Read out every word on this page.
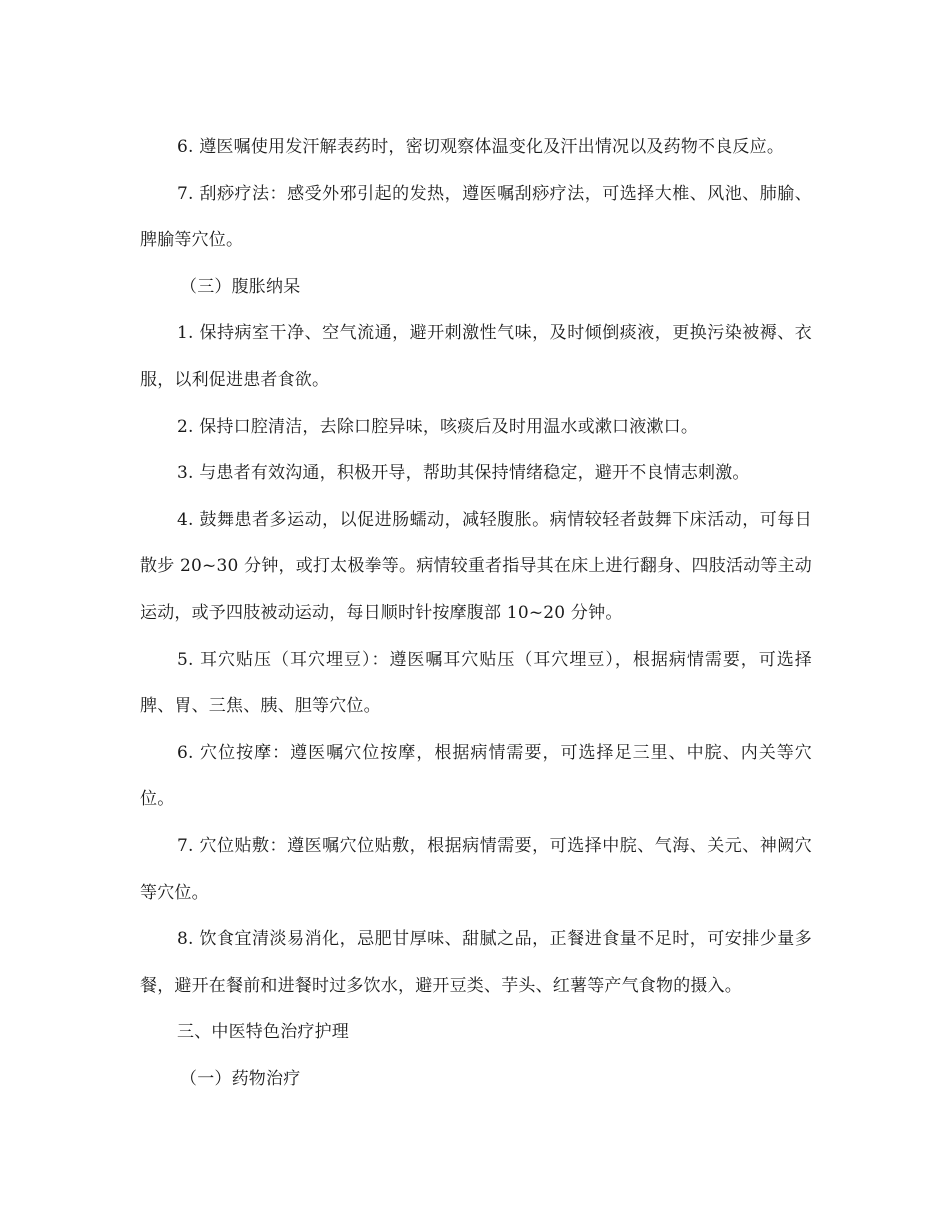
6. 遵医嘱使用发汗解表药时，密切观察体温变化及汗出情况以及药物不良反应。

7. 刮痧疗法：感受外邪引起的发热，遵医嘱刮痧疗法，可选择大椎、风池、肺腧、脾腧等穴位。

（三）腹胀纳呆

1. 保持病室干净、空气流通，避开刺激性气味，及时倾倒痰液，更换污染被褥、衣服，以利促进患者食欲。

2. 保持口腔清洁，去除口腔异味，咳痰后及时用温水或漱口液漱口。

3. 与患者有效沟通，积极开导，帮助其保持情绪稳定，避开不良情志刺激。

4. 鼓舞患者多运动，以促进肠蠕动，减轻腹胀。病情较轻者鼓舞下床活动，可每日散步 20~30 分钟，或打太极拳等。病情较重者指导其在床上进行翻身、四肢活动等主动运动，或予四肢被动运动，每日顺时针按摩腹部 10~20 分钟。

5. 耳穴贴压（耳穴埋豆）：遵医嘱耳穴贴压（耳穴埋豆），根据病情需要，可选择脾、胃、三焦、胰、胆等穴位。

6. 穴位按摩：遵医嘱穴位按摩，根据病情需要，可选择足三里、中脘、内关等穴位。

7. 穴位贴敷：遵医嘱穴位贴敷，根据病情需要，可选择中脘、气海、关元、神阙穴等穴位。

8. 饮食宜清淡易消化，忌肥甘厚味、甜腻之品，正餐进食量不足时，可安排少量多餐，避开在餐前和进餐时过多饮水，避开豆类、芋头、红薯等产气食物的摄入。

三、中医特色治疗护理

（一）药物治疗
